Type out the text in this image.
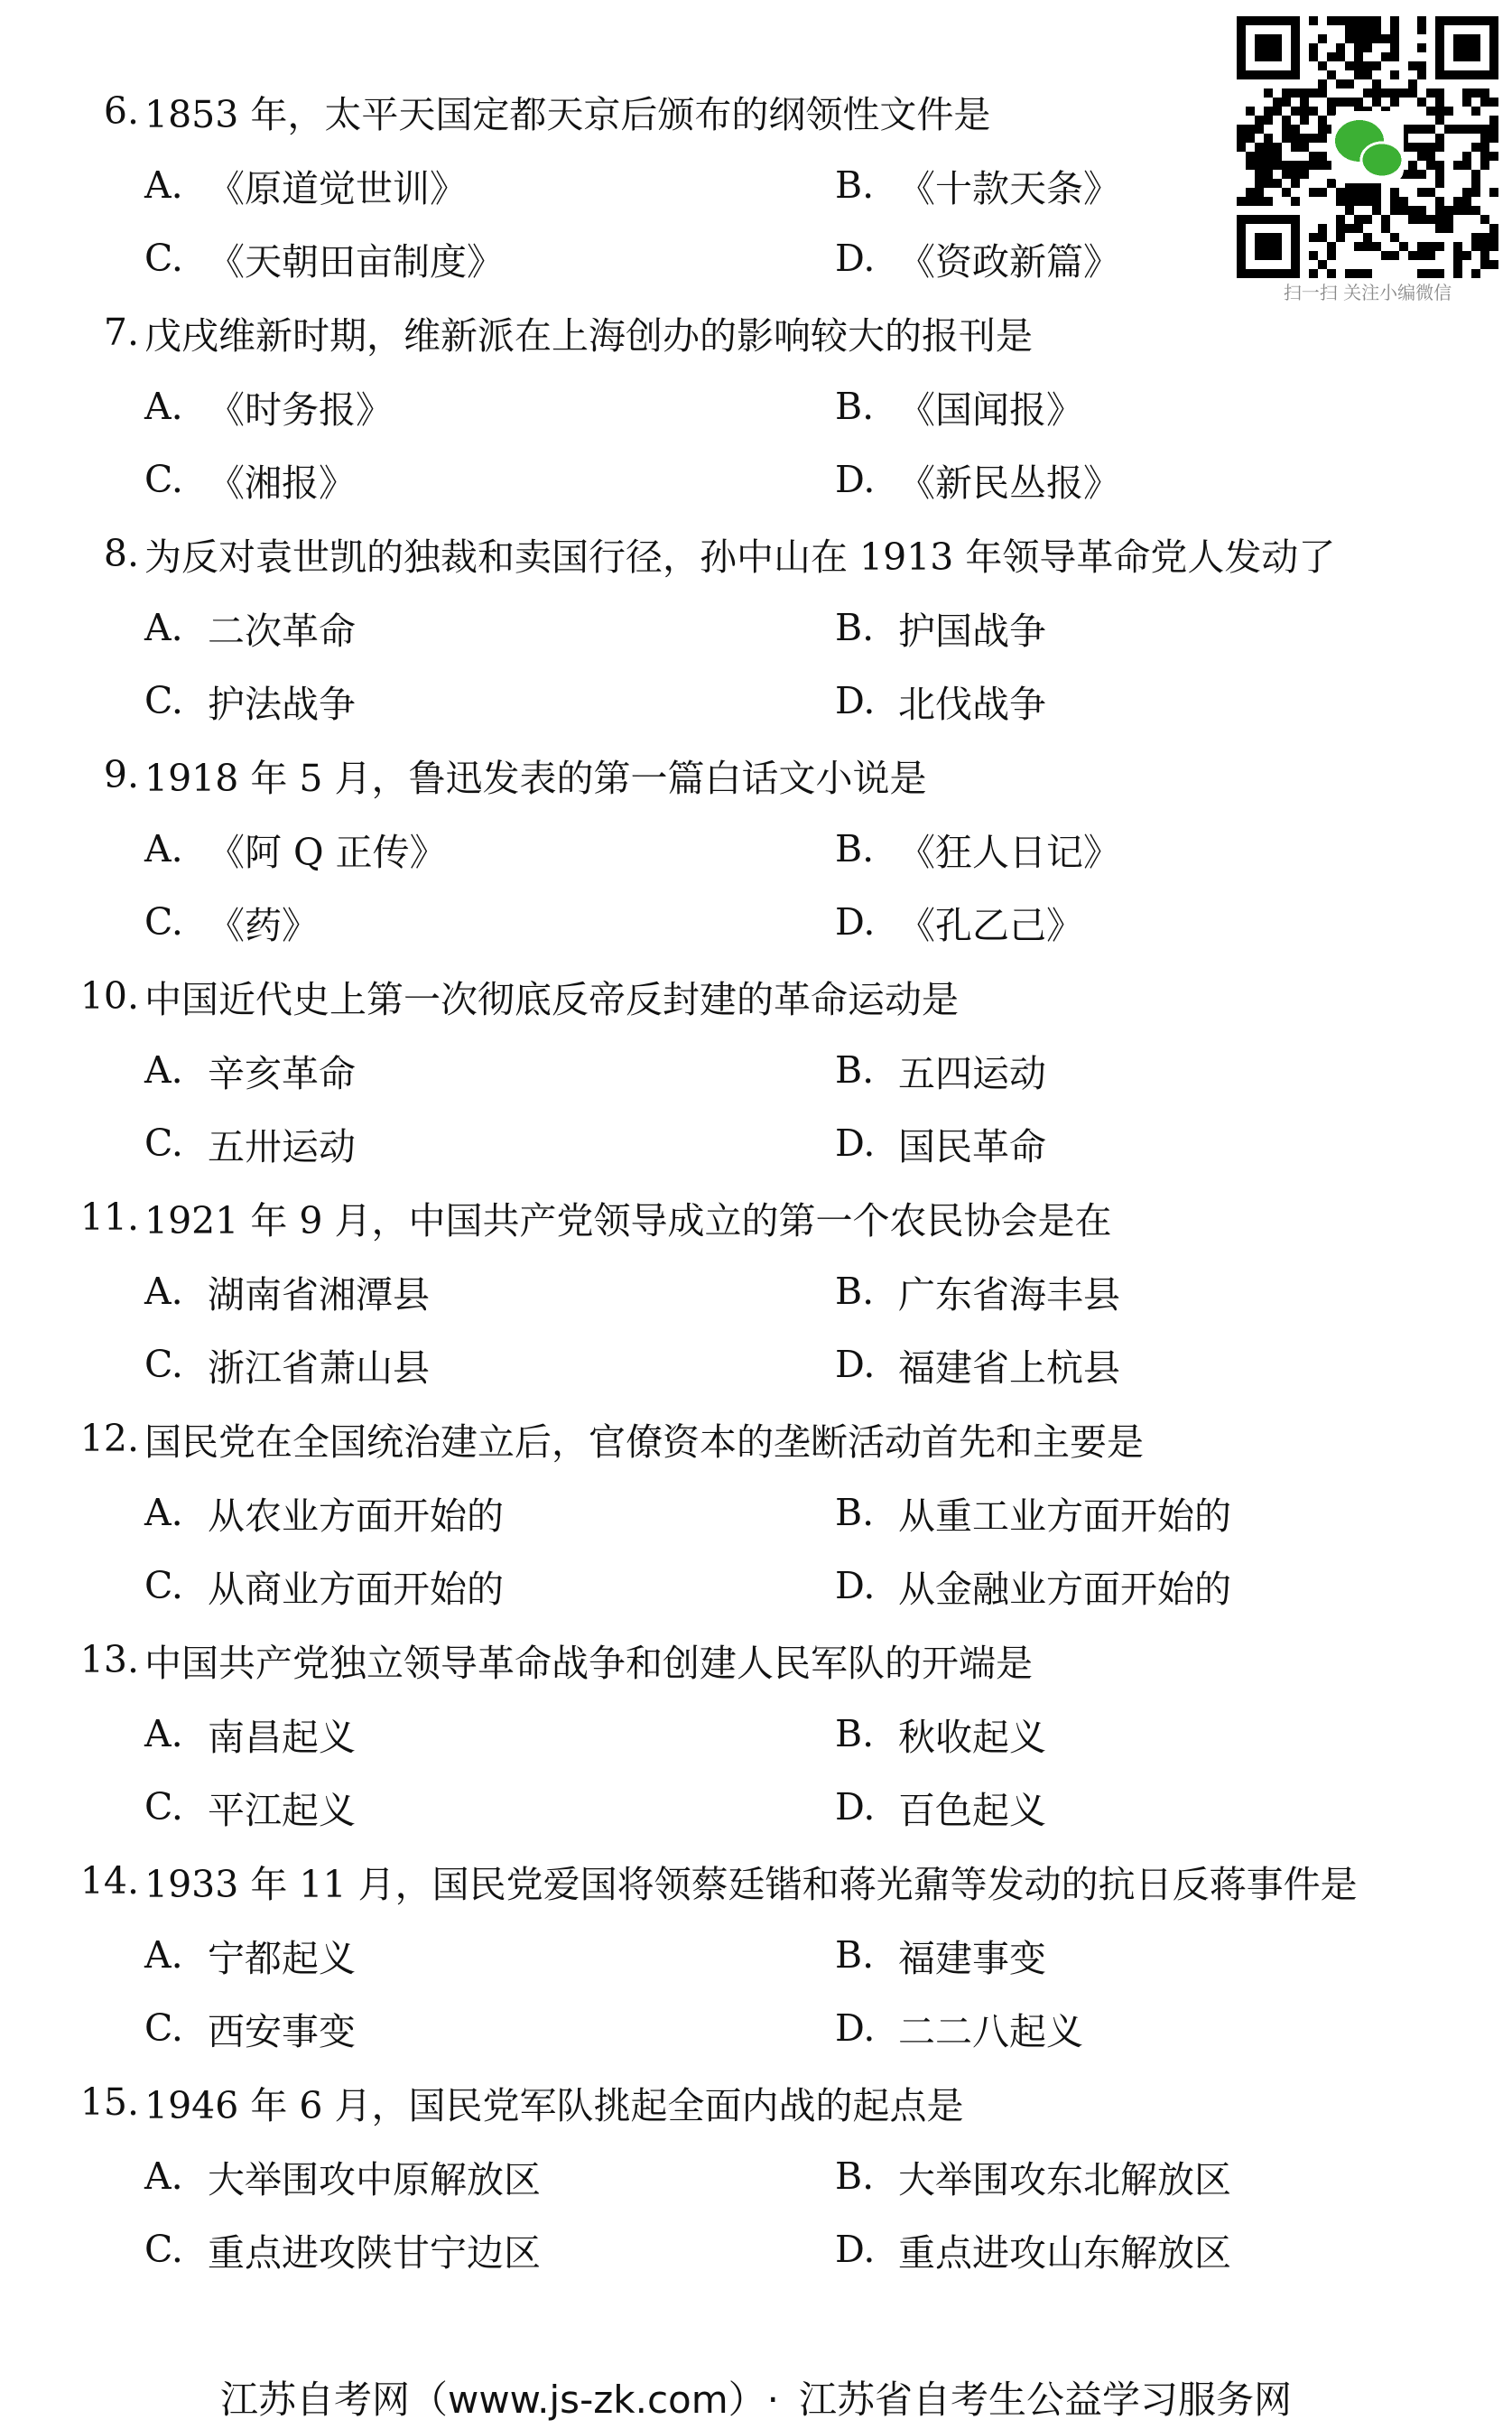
扫一扫 关注小编微信
6. 1853 年，太平天国定都天京后颁布的纲领性文件是
A. 《原道觉世训》	B. 《十款天条》
C. 《天朝田亩制度》	D. 《资政新篇》
7. 戊戌维新时期，维新派在上海创办的影响较大的报刊是
A. 《时务报》	B. 《国闻报》
C. 《湘报》	D. 《新民丛报》
8. 为反对袁世凯的独裁和卖国行径，孙中山在 1913 年领导革命党人发动了
A. 二次革命	B. 护国战争
C. 护法战争	D. 北伐战争
9. 1918 年 5 月，鲁迅发表的第一篇白话文小说是
A. 《阿 Q 正传》	B. 《狂人日记》
C. 《药》	D. 《孔乙己》
10. 中国近代史上第一次彻底反帝反封建的革命运动是
A. 辛亥革命	B. 五四运动
C. 五卅运动	D. 国民革命
11. 1921 年 9 月，中国共产党领导成立的第一个农民协会是在
A. 湖南省湘潭县	B. 广东省海丰县
C. 浙江省萧山县	D. 福建省上杭县
12. 国民党在全国统治建立后，官僚资本的垄断活动首先和主要是
A. 从农业方面开始的	B. 从重工业方面开始的
C. 从商业方面开始的	D. 从金融业方面开始的
13. 中国共产党独立领导革命战争和创建人民军队的开端是
A. 南昌起义	B. 秋收起义
C. 平江起义	D. 百色起义
14. 1933 年 11 月，国民党爱国将领蔡廷锴和蒋光鼐等发动的抗日反蒋事件是
A. 宁都起义	B. 福建事变
C. 西安事变	D. 二二八起义
15. 1946 年 6 月，国民党军队挑起全面内战的起点是
A. 大举围攻中原解放区	B. 大举围攻东北解放区
C. 重点进攻陕甘宁边区	D. 重点进攻山东解放区
江苏自考网（www.js-zk.com） · 江苏省自考生公益学习服务网
